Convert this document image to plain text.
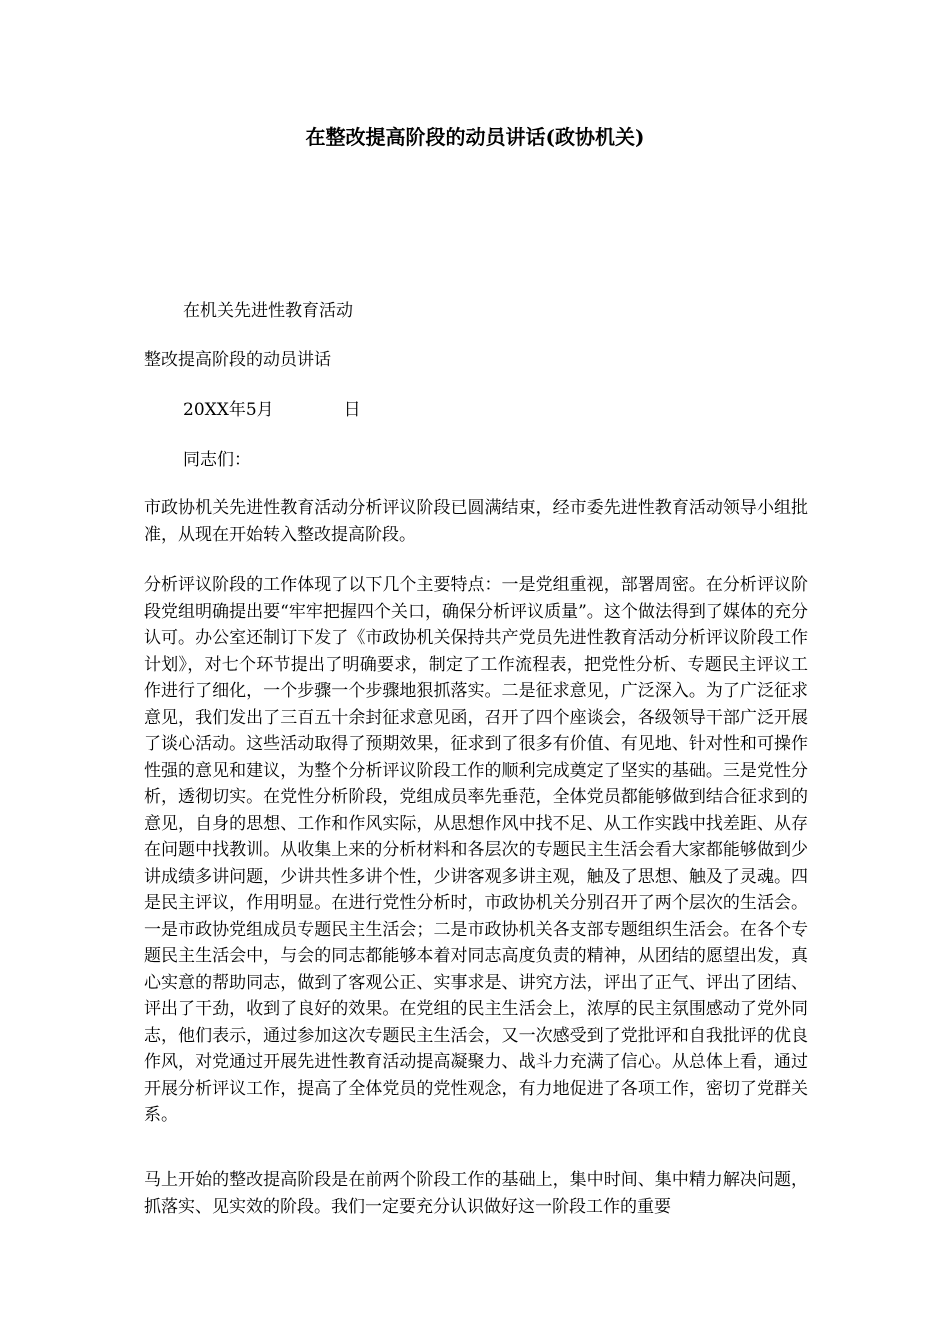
在整改提高阶段的动员讲话(政协机关)
在机关先进性教育活动
整改提高阶段的动员讲话
20XX年5月	日
同志们：

市政协机关先进性教育活动分析评议阶段已圆满结束，经市委先进性教育活动领导小组批准，从现在开始转入整改提高阶段。

分析评议阶段的工作体现了以下几个主要特点：一是党组重视，部署周密。在分析评议阶段党组明确提出要“牢牢把握四个关口，确保分析评议质量”。这个做法得到了媒体的充分认可。办公室还制订下发了《市政协机关保持共产党员先进性教育活动分析评议阶段工作计划》，对七个环节提出了明确要求，制定了工作流程表，把党性分析、专题民主评议工作进行了细化，一个步骤一个步骤地狠抓落实。二是征求意见，广泛深入。为了广泛征求意见，我们发出了三百五十余封征求意见函，召开了四个座谈会，各级领导干部广泛开展了谈心活动。这些活动取得了预期效果，征求到了很多有价值、有见地、针对性和可操作性强的意见和建议，为整个分析评议阶段工作的顺利完成奠定了坚实的基础。三是党性分析，透彻切实。在党性分析阶段，党组成员率先垂范，全体党员都能够做到结合征求到的意见，自身的思想、工作和作风实际，从思想作风中找不足、从工作实践中找差距、从存在问题中找教训。从收集上来的分析材料和各层次的专题民主生活会看大家都能够做到少讲成绩多讲问题，少讲共性多讲个性，少讲客观多讲主观，触及了思想、触及了灵魂。四是民主评议，作用明显。在进行党性分析时，市政协机关分别召开了两个层次的生活会。一是市政协党组成员专题民主生活会；二是市政协机关各支部专题组织生活会。在各个专题民主生活会中，与会的同志都能够本着对同志高度负责的精神，从团结的愿望出发，真心实意的帮助同志，做到了客观公正、实事求是、讲究方法，评出了正气、评出了团结、评出了干劲，收到了良好的效果。在党组的民主生活会上，浓厚的民主氛围感动了党外同志，他们表示，通过参加这次专题民主生活会，又一次感受到了党批评和自我批评的优良作风，对党通过开展先进性教育活动提高凝聚力、战斗力充满了信心。从总体上看，通过开展分析评议工作，提高了全体党员的党性观念，有力地促进了各项工作，密切了党群关系。

马上开始的整改提高阶段是在前两个阶段工作的基础上，集中时间、集中精力解决问题，抓落实、见实效的阶段。我们一定要充分认识做好这一阶段工作的重要
